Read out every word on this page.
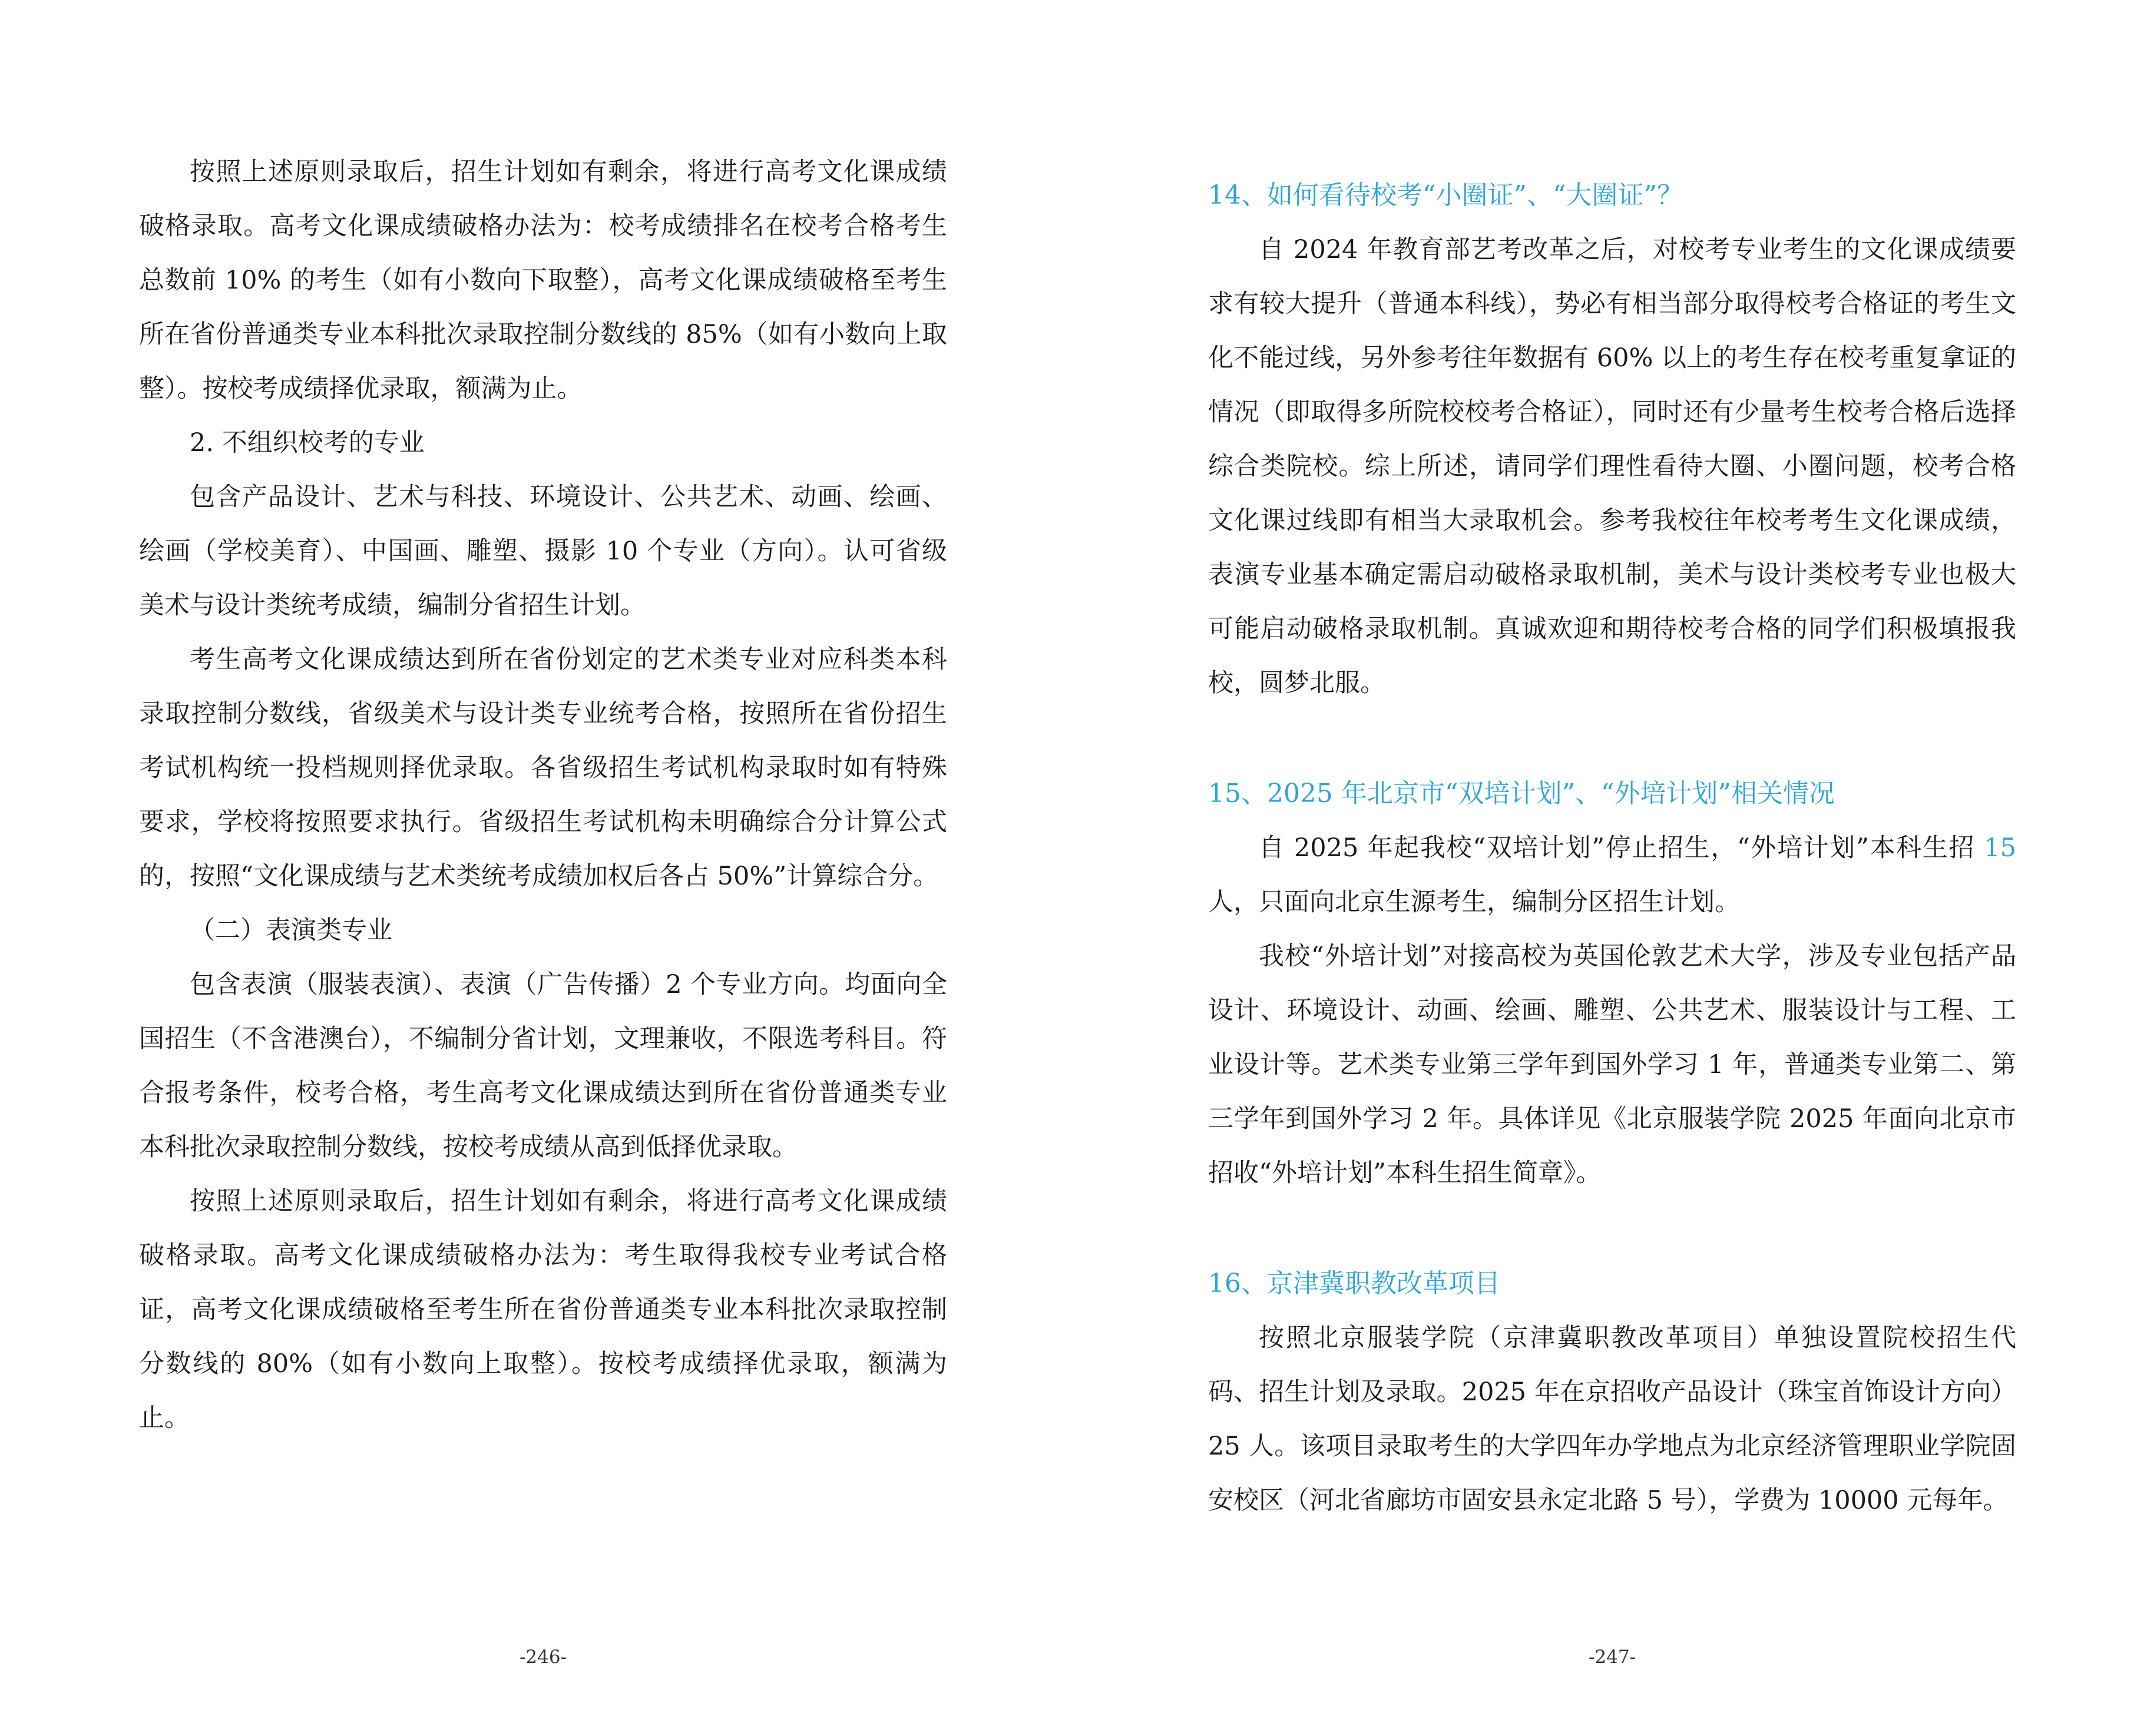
按照上述原则录取后，招生计划如有剩余，将进行高考文化课成绩破格录取。高考文化课成绩破格办法为：校考成绩排名在校考合格考生总数前 10% 的考生（如有小数向下取整），高考文化课成绩破格至考生所在省份普通类专业本科批次录取控制分数线的 85%（如有小数向上取整）。按校考成绩择优录取，额满为止。

2. 不组织校考的专业

包含产品设计、艺术与科技、环境设计、公共艺术、动画、绘画、绘画（学校美育）、中国画、雕塑、摄影 10 个专业（方向）。认可省级美术与设计类统考成绩，编制分省招生计划。

考生高考文化课成绩达到所在省份划定的艺术类专业对应科类本科录取控制分数线，省级美术与设计类专业统考合格，按照所在省份招生考试机构统一投档规则择优录取。各省级招生考试机构录取时如有特殊要求，学校将按照要求执行。省级招生考试机构未明确综合分计算公式的，按照“文化课成绩与艺术类统考成绩加权后各占 50%”计算综合分。

（二）表演类专业

包含表演（服装表演）、表演（广告传播）2 个专业方向。均面向全国招生（不含港澳台），不编制分省计划，文理兼收，不限选考科目。符合报考条件，校考合格，考生高考文化课成绩达到所在省份普通类专业本科批次录取控制分数线，按校考成绩从高到低择优录取。

按照上述原则录取后，招生计划如有剩余，将进行高考文化课成绩破格录取。高考文化课成绩破格办法为：考生取得我校专业考试合格证，高考文化课成绩破格至考生所在省份普通类专业本科批次录取控制分数线的 80%（如有小数向上取整）。按校考成绩择优录取，额满为止。

-246-

14、如何看待校考“小圈证”、“大圈证”？

自 2024 年教育部艺考改革之后，对校考专业考生的文化课成绩要求有较大提升（普通本科线），势必有相当部分取得校考合格证的考生文化不能过线，另外参考往年数据有 60% 以上的考生存在校考重复拿证的情况（即取得多所院校校考合格证），同时还有少量考生校考合格后选择综合类院校。综上所述，请同学们理性看待大圈、小圈问题，校考合格文化课过线即有相当大录取机会。参考我校往年校考考生文化课成绩，表演专业基本确定需启动破格录取机制，美术与设计类校考专业也极大可能启动破格录取机制。真诚欢迎和期待校考合格的同学们积极填报我校，圆梦北服。

15、2025 年北京市“双培计划”、“外培计划”相关情况

自 2025 年起我校“双培计划”停止招生，“外培计划”本科生招 15 人，只面向北京生源考生，编制分区招生计划。

我校“外培计划”对接高校为英国伦敦艺术大学，涉及专业包括产品设计、环境设计、动画、绘画、雕塑、公共艺术、服装设计与工程、工业设计等。艺术类专业第三学年到国外学习 1 年，普通类专业第二、第三学年到国外学习 2 年。具体详见《北京服装学院 2025 年面向北京市招收“外培计划”本科生招生简章》。

16、京津冀职教改革项目

按照北京服装学院（京津冀职教改革项目）单独设置院校招生代码、招生计划及录取。2025 年在京招收产品设计（珠宝首饰设计方向）25 人。该项目录取考生的大学四年办学地点为北京经济管理职业学院固安校区（河北省廊坊市固安县永定北路 5 号），学费为 10000 元每年。

-247-
